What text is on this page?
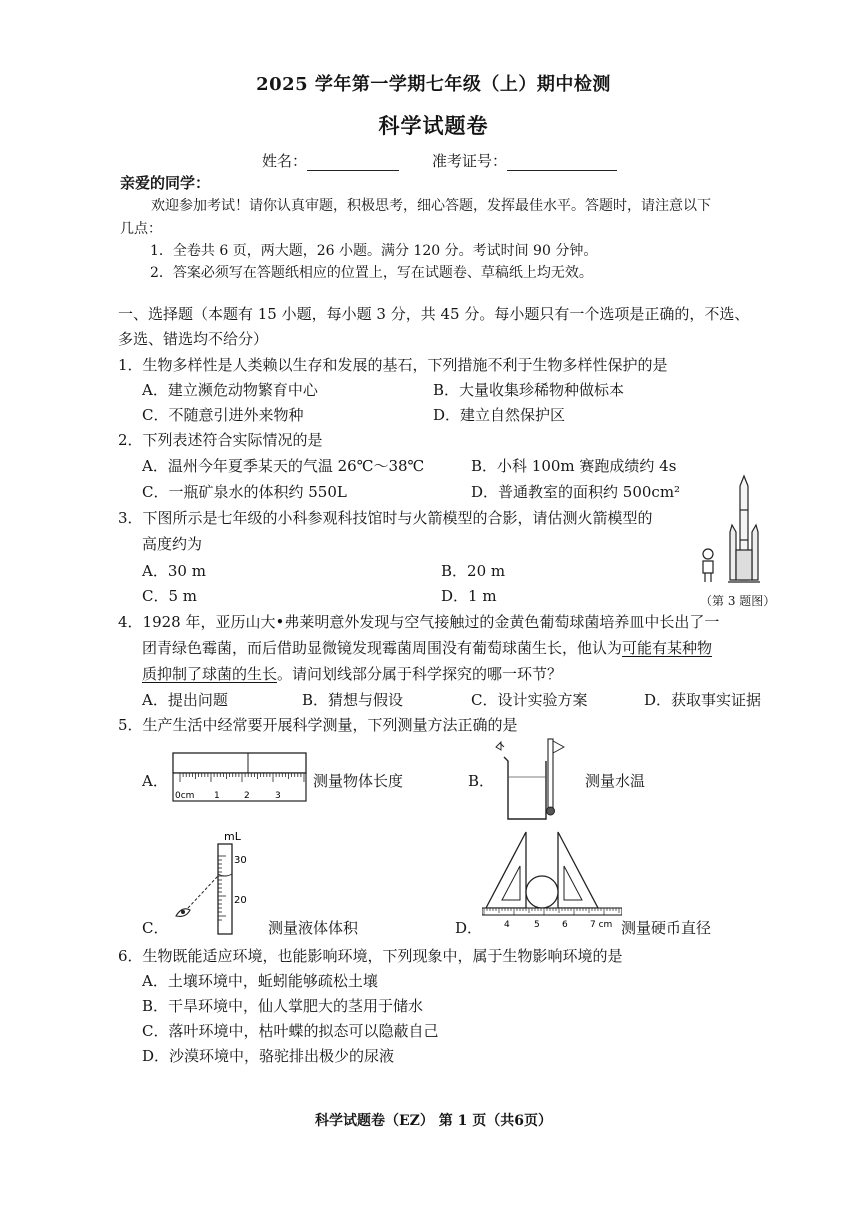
2025 学年第一学期七年级（上）期中检测
科学试题卷
姓名：	准考证号：
亲爱的同学：
欢迎参加考试！请你认真审题，积极思考，细心答题，发挥最佳水平。答题时，请注意以下
几点：
1．全卷共 6 页，两大题，26 小题。满分 120 分。考试时间 90 分钟。
2．答案必须写在答题纸相应的位置上，写在试题卷、草稿纸上均无效。
一、选择题（本题有 15 小题，每小题 3 分，共 45 分。每小题只有一个选项是正确的，不选、
多选、错选均不给分）
1．生物多样性是人类赖以生存和发展的基石，下列措施不利于生物多样性保护的是
A．建立濒危动物繁育中心	B．大量收集珍稀物种做标本
C．不随意引进外来物种	D．建立自然保护区
2．下列表述符合实际情况的是
A．温州今年夏季某天的气温 26℃～38℃	B．小科 100m 赛跑成绩约 4s
C．一瓶矿泉水的体积约 550L	D．普通教室的面积约 500cm²
3．下图所示是七年级的小科参观科技馆时与火箭模型的合影，请估测火箭模型的
高度约为
A．30 m	B．20 m
C．5 m	D．1 m	（第 3 题图）
4．1928 年，亚历山大•弗莱明意外发现与空气接触过的金黄色葡萄球菌培养皿中长出了一
团青绿色霉菌，而后借助显微镜发现霉菌周围没有葡萄球菌生长，他认为可能有某种物
质抑制了球菌的生长。请问划线部分属于科学探究的哪一环节？
A．提出问题	B．猜想与假设	C．设计实验方案	D．获取事实证据
5．生产生活中经常要开展科学测量，下列测量方法正确的是
A．
0cm 1	2	3
测量物体长度	B．	测量水温
C．
mL
30
20
测量液体体积	D． 4	5 6 7 cm 测量硬币直径
6．生物既能适应环境，也能影响环境，下列现象中，属于生物影响环境的是
A．土壤环境中，蚯蚓能够疏松土壤
B．干旱环境中，仙人掌肥大的茎用于储水
C．落叶环境中，枯叶蝶的拟态可以隐蔽自己
D．沙漠环境中，骆驼排出极少的尿液
科学试题卷（EZ） 第 1 页（共6页）
